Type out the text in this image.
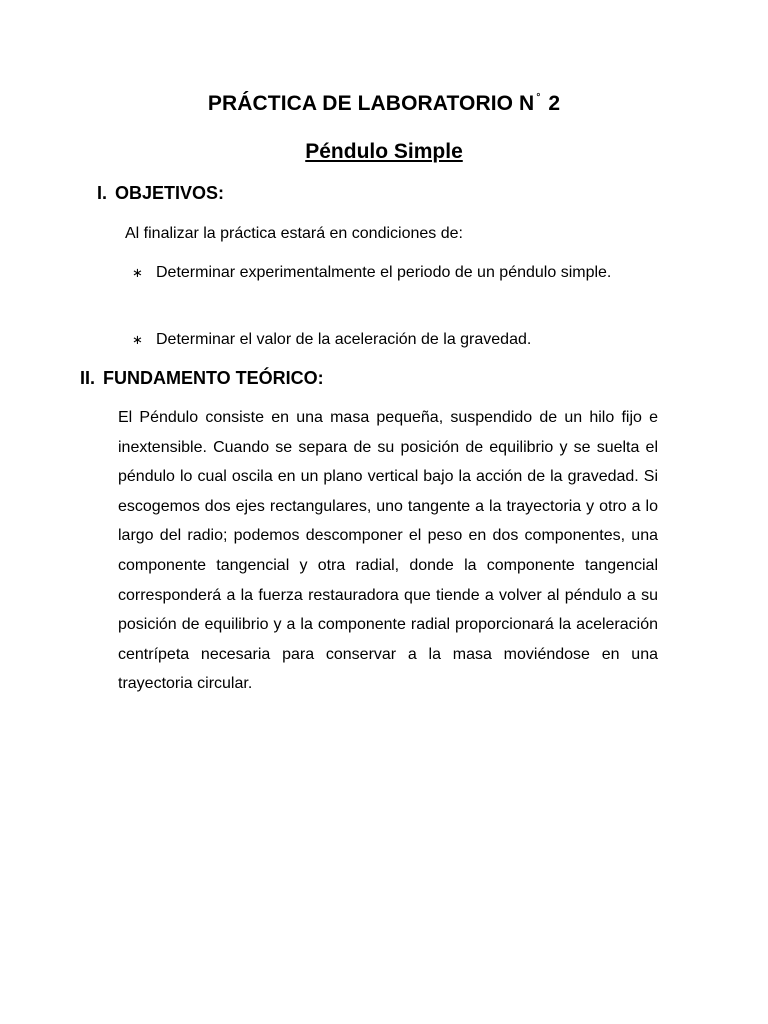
PRÁCTICA DE LABORATORIO N ° 2
Péndulo Simple
I. OBJETIVOS:
Al finalizar la práctica estará en condiciones de:
∗ Determinar experimentalmente el periodo de un péndulo simple.
∗ Determinar el valor de la aceleración de la gravedad.
II. FUNDAMENTO TEÓRICO:
El Péndulo consiste en una masa pequeña, suspendido de un hilo fijo e inextensible. Cuando se separa de su posición de equilibrio y se suelta el péndulo lo cual oscila en un plano vertical bajo la acción de la gravedad. Si escogemos dos ejes rectangulares, uno tangente a la trayectoria y otro a lo largo del radio; podemos descomponer el peso en dos componentes, una componente tangencial y otra radial, donde la componente tangencial corresponderá a la fuerza restauradora que tiende a volver al péndulo a su posición de equilibrio y a la componente radial proporcionará la aceleración centrípeta necesaria para conservar a la masa moviéndose en una trayectoria circular.
